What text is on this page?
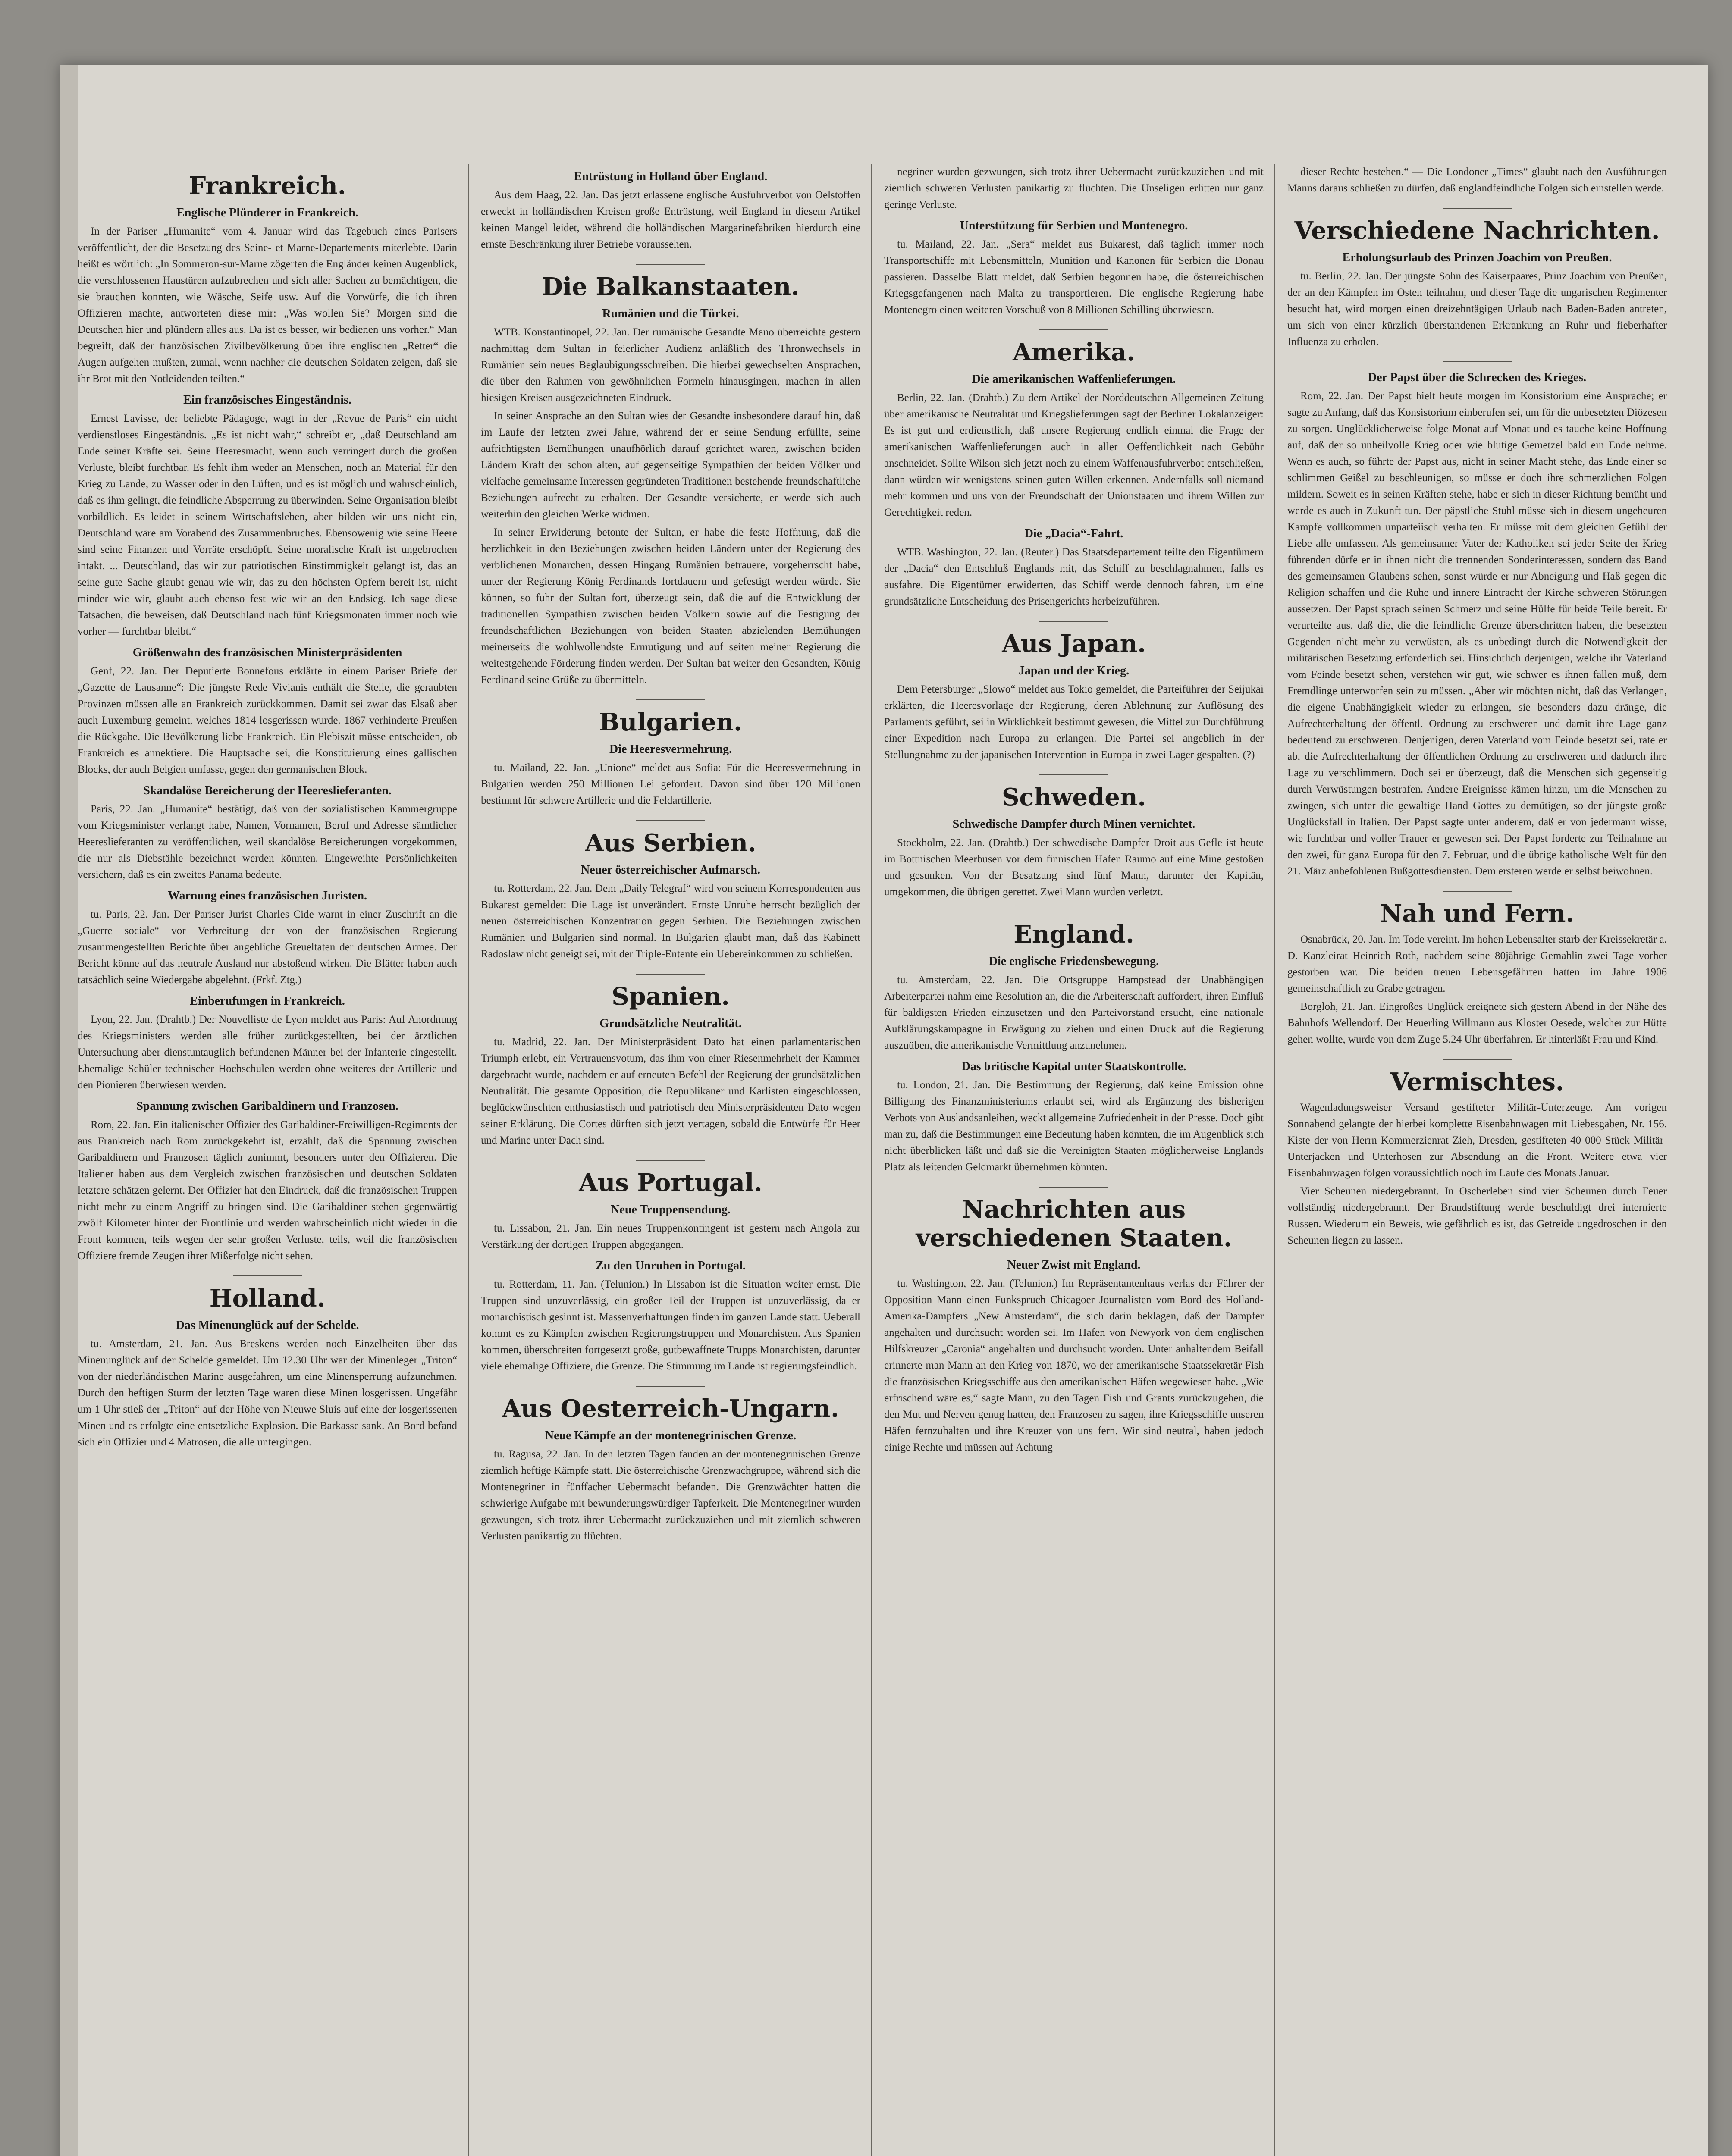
Frankreich.
Englische Plünderer in Frankreich.

In der Pariser „Humanite“ vom 4. Januar wird das Tagebuch eines Parisers veröffentlicht, der die Besetzung des Seine- et Marne-Departements miterlebte. Darin heißt es wörtlich: „In Sommeron-sur-Marne zögerten die Engländer keinen Augenblick, die verschlossenen Haustüren aufzubrechen und sich aller Sachen zu bemächtigen, die sie brauchen konnten, wie Wäsche, Seife usw. Auf die Vorwürfe, die ich ihren Offizieren machte, antworteten diese mir: „Was wollen Sie? Morgen sind die Deutschen hier und plündern alles aus. Da ist es besser, wir bedienen uns vorher.“ Man begreift, daß der französischen Zivilbevölkerung über ihre englischen „Retter“ die Augen aufgehen mußten, zumal, wenn nachher die deutschen Soldaten zeigen, daß sie ihr Brot mit den Notleidenden teilten.“

Ein französisches Eingeständnis.

Ernest Lavisse, der beliebte Pädagoge, wagt in der „Revue de Paris“ ein nicht verdienstloses Eingeständnis. „Es ist nicht wahr,“ schreibt er, „daß Deutschland am Ende seiner Kräfte sei. Seine Heeresmacht, wenn auch verringert durch die großen Verluste, bleibt furchtbar. Es fehlt ihm weder an Menschen, noch an Material für den Krieg zu Lande, zu Wasser oder in den Lüften, und es ist möglich und wahrscheinlich, daß es ihm gelingt, die feindliche Absperrung zu überwinden. Seine Organisation bleibt vorbildlich. Es leidet in seinem Wirtschaftsleben, aber bilden wir uns nicht ein, Deutschland wäre am Vorabend des Zusammenbruches. Ebensowenig wie seine Heere sind seine Finanzen und Vorräte erschöpft. Seine moralische Kraft ist ungebrochen intakt. ... Deutschland, das wir zur patriotischen Einstimmigkeit gelangt ist, das an seine gute Sache glaubt genau wie wir, das zu den höchsten Opfern bereit ist, nicht minder wie wir, glaubt auch ebenso fest wie wir an den Endsieg. Ich sage diese Tatsachen, die beweisen, daß Deutschland nach fünf Kriegsmonaten immer noch wie vorher — furchtbar bleibt.“

Größenwahn des französischen Ministerpräsidenten

Genf, 22. Jan. Der Deputierte Bonnefous erklärte in einem Pariser Briefe der „Gazette de Lausanne“: Die jüngste Rede Vivianis enthält die Stelle, die geraubten Provinzen müssen alle an Frankreich zurückkommen. Damit sei zwar das Elsaß aber auch Luxemburg gemeint, welches 1814 losgerissen wurde. 1867 verhinderte Preußen die Rückgabe. Die Bevölkerung liebe Frankreich. Ein Plebiszit müsse entscheiden, ob Frankreich es annektiere. Die Hauptsache sei, die Konstituierung eines gallischen Blocks, der auch Belgien umfasse, gegen den germanischen Block.

Skandalöse Bereicherung der Heereslieferanten.

Paris, 22. Jan. „Humanite“ bestätigt, daß von der sozialistischen Kammergruppe vom Kriegsminister verlangt habe, Namen, Vornamen, Beruf und Adresse sämtlicher Heereslieferanten zu veröffentlichen, weil skandalöse Bereicherungen vorgekommen, die nur als Diebstähle bezeichnet werden könnten. Eingeweihte Persönlichkeiten versichern, daß es ein zweites Panama bedeute.

Warnung eines französischen Juristen.

tu. Paris, 22. Jan. Der Pariser Jurist Charles Cide warnt in einer Zuschrift an die „Guerre sociale“ vor Verbreitung der von der französischen Regierung zusammengestellten Berichte über angebliche Greueltaten der deutschen Armee. Der Bericht könne auf das neutrale Ausland nur abstoßend wirken. Die Blätter haben auch tatsächlich seine Wiedergabe abgelehnt. (Frkf. Ztg.)

Einberufungen in Frankreich.

Lyon, 22. Jan. (Drahtb.) Der Nouvelliste de Lyon meldet aus Paris: Auf Anordnung des Kriegsministers werden alle früher zurückgestellten, bei der ärztlichen Untersuchung aber dienstuntauglich befundenen Männer bei der Infanterie eingestellt. Ehemalige Schüler technischer Hochschulen werden ohne weiteres der Artillerie und den Pionieren überwiesen werden.

Spannung zwischen Garibaldinern und Franzosen.

Rom, 22. Jan. Ein italienischer Offizier des Garibaldiner-Freiwilligen-Regiments der aus Frankreich nach Rom zurückgekehrt ist, erzählt, daß die Spannung zwischen Garibaldinern und Franzosen täglich zunimmt, besonders unter den Offizieren. Die Italiener haben aus dem Vergleich zwischen französischen und deutschen Soldaten letztere schätzen gelernt. Der Offizier hat den Eindruck, daß die französischen Truppen nicht mehr zu einem Angriff zu bringen sind. Die Garibaldiner stehen gegenwärtig zwölf Kilometer hinter der Frontlinie und werden wahrscheinlich nicht wieder in die Front kommen, teils wegen der sehr großen Verluste, teils, weil die französischen Offiziere fremde Zeugen ihrer Mißerfolge nicht sehen.

Holland.
Das Minenunglück auf der Schelde.

tu. Amsterdam, 21. Jan. Aus Breskens werden noch Einzelheiten über das Minenunglück auf der Schelde gemeldet. Um 12.30 Uhr war der Minenleger „Triton“ von der niederländischen Marine ausgefahren, um eine Minensperrung aufzunehmen. Durch den heftigen Sturm der letzten Tage waren diese Minen losgerissen. Ungefähr um 1 Uhr stieß der „Triton“ auf der Höhe von Nieuwe Sluis auf eine der losgerissenen Minen und es erfolgte eine entsetzliche Explosion. Die Barkasse sank. An Bord befand sich ein Offizier und 4 Matrosen, die alle untergingen.

Entrüstung in Holland über England.

Aus dem Haag, 22. Jan. Das jetzt erlassene englische Ausfuhrverbot von Oelstoffen erweckt in holländischen Kreisen große Entrüstung, weil England in diesem Artikel keinen Mangel leidet, während die holländischen Margarinefabriken hierdurch eine ernste Beschränkung ihrer Betriebe voraussehen.

Die Balkanstaaten.
Rumänien und die Türkei.

WTB. Konstantinopel, 22. Jan. Der rumänische Gesandte Mano überreichte gestern nachmittag dem Sultan in feierlicher Audienz anläßlich des Thronwechsels in Rumänien sein neues Beglaubigungsschreiben. Die hierbei gewechselten Ansprachen, die über den Rahmen von gewöhnlichen Formeln hinausgingen, machen in allen hiesigen Kreisen ausgezeichneten Eindruck.

In seiner Ansprache an den Sultan wies der Gesandte insbesondere darauf hin, daß im Laufe der letzten zwei Jahre, während der er seine Sendung erfüllte, seine aufrichtigsten Bemühungen unaufhörlich darauf gerichtet waren, zwischen beiden Ländern Kraft der schon alten, auf gegenseitige Sympathien der beiden Völker und vielfache gemeinsame Interessen gegründeten Traditionen bestehende freundschaftliche Beziehungen aufrecht zu erhalten. Der Gesandte versicherte, er werde sich auch weiterhin den gleichen Werke widmen.

In seiner Erwiderung betonte der Sultan, er habe die feste Hoffnung, daß die herzlichkeit in den Beziehungen zwischen beiden Ländern unter der Regierung des verblichenen Monarchen, dessen Hingang Rumänien betrauere, vorgeherrscht habe, unter der Regierung König Ferdinands fortdauern und gefestigt werden würde. Sie können, so fuhr der Sultan fort, überzeugt sein, daß die auf die Entwicklung der traditionellen Sympathien zwischen beiden Völkern sowie auf die Festigung der freundschaftlichen Beziehungen von beiden Staaten abzielenden Bemühungen meinerseits die wohlwollendste Ermutigung und auf seiten meiner Regierung die weitestgehende Förderung finden werden. Der Sultan bat weiter den Gesandten, König Ferdinand seine Grüße zu übermitteln.

Bulgarien.
Die Heeresvermehrung.

tu. Mailand, 22. Jan. „Unione“ meldet aus Sofia: Für die Heeresvermehrung in Bulgarien werden 250 Millionen Lei gefordert. Davon sind über 120 Millionen bestimmt für schwere Artillerie und die Feldartillerie.

Aus Serbien.
Neuer österreichischer Aufmarsch.

tu. Rotterdam, 22. Jan. Dem „Daily Telegraf“ wird von seinem Korrespondenten aus Bukarest gemeldet: Die Lage ist unverändert. Ernste Unruhe herrscht bezüglich der neuen österreichischen Konzentration gegen Serbien. Die Beziehungen zwischen Rumänien und Bulgarien sind normal. In Bulgarien glaubt man, daß das Kabinett Radoslaw nicht geneigt sei, mit der Triple-Entente ein Uebereinkommen zu schließen.

Spanien.
Grundsätzliche Neutralität.

tu. Madrid, 22. Jan. Der Ministerpräsident Dato hat einen parlamentarischen Triumph erlebt, ein Vertrauensvotum, das ihm von einer Riesenmehrheit der Kammer dargebracht wurde, nachdem er auf erneuten Befehl der Regierung der grundsätzlichen Neutralität. Die gesamte Opposition, die Republikaner und Karlisten eingeschlossen, beglückwünschten enthusiastisch und patriotisch den Ministerpräsidenten Dato wegen seiner Erklärung. Die Cortes dürften sich jetzt vertagen, sobald die Entwürfe für Heer und Marine unter Dach sind.

Aus Portugal.
Neue Truppensendung.

tu. Lissabon, 21. Jan. Ein neues Truppenkontingent ist gestern nach Angola zur Verstärkung der dortigen Truppen abgegangen.

Zu den Unruhen in Portugal.

tu. Rotterdam, 11. Jan. (Telunion.) In Lissabon ist die Situation weiter ernst. Die Truppen sind unzuverlässig, ein großer Teil der Truppen ist unzuverlässig, da er monarchistisch gesinnt ist. Massenverhaftungen finden im ganzen Lande statt. Ueberall kommt es zu Kämpfen zwischen Regierungstruppen und Monarchisten. Aus Spanien kommen, überschreiten fortgesetzt große, gutbewaffnete Trupps Monarchisten, darunter viele ehemalige Offiziere, die Grenze. Die Stimmung im Lande ist regierungsfeindlich.

Aus Oesterreich-Ungarn.
Neue Kämpfe an der montenegrinischen Grenze.

tu. Ragusa, 22. Jan. In den letzten Tagen fanden an der montenegrinischen Grenze ziemlich heftige Kämpfe statt. Die österreichische Grenzwachgruppe, während sich die Montenegriner in fünffacher Uebermacht befanden. Die Grenzwächter hatten die schwierige Aufgabe mit bewunderungswürdiger Tapferkeit. Die Montenegriner wurden gezwungen, sich trotz ihrer Uebermacht zurückzuziehen und mit ziemlich schweren Verlusten panikartig zu flüchten.

negriner wurden gezwungen, sich trotz ihrer Uebermacht zurückzuziehen und mit ziemlich schweren Verlusten panikartig zu flüchten. Die Unseligen erlitten nur ganz geringe Verluste.

Unterstützung für Serbien und Montenegro.

tu. Mailand, 22. Jan. „Sera“ meldet aus Bukarest, daß täglich immer noch Transportschiffe mit Lebensmitteln, Munition und Kanonen für Serbien die Donau passieren. Dasselbe Blatt meldet, daß Serbien begonnen habe, die österreichischen Kriegsgefangenen nach Malta zu transportieren. Die englische Regierung habe Montenegro einen weiteren Vorschuß von 8 Millionen Schilling überwiesen.

Amerika.
Die amerikanischen Waffenlieferungen.

Berlin, 22. Jan. (Drahtb.) Zu dem Artikel der Norddeutschen Allgemeinen Zeitung über amerikanische Neutralität und Kriegslieferungen sagt der Berliner Lokalanzeiger: Es ist gut und erdienstlich, daß unsere Regierung endlich einmal die Frage der amerikanischen Waffenlieferungen auch in aller Oeffentlichkeit nach Gebühr anschneidet. Sollte Wilson sich jetzt noch zu einem Waffenausfuhrverbot entschließen, dann würden wir wenigstens seinen guten Willen erkennen. Andernfalls soll niemand mehr kommen und uns von der Freundschaft der Unionstaaten und ihrem Willen zur Gerechtigkeit reden.

Die „Dacia“-Fahrt.

WTB. Washington, 22. Jan. (Reuter.) Das Staatsdepartement teilte den Eigentümern der „Dacia“ den Entschluß Englands mit, das Schiff zu beschlagnahmen, falls es ausfahre. Die Eigentümer erwiderten, das Schiff werde dennoch fahren, um eine grundsätzliche Entscheidung des Prisengerichts herbeizuführen.

Aus Japan.
Japan und der Krieg.

Dem Petersburger „Slowo“ meldet aus Tokio gemeldet, die Parteiführer der Seijukai erklärten, die Heeresvorlage der Regierung, deren Ablehnung zur Auflösung des Parlaments geführt, sei in Wirklichkeit bestimmt gewesen, die Mittel zur Durchführung einer Expedition nach Europa zu erlangen. Die Partei sei angeblich in der Stellungnahme zu der japanischen Intervention in Europa in zwei Lager gespalten. (?)

Schweden.
Schwedische Dampfer durch Minen vernichtet.

Stockholm, 22. Jan. (Drahtb.) Der schwedische Dampfer Droit aus Gefle ist heute im Bottnischen Meerbusen vor dem finnischen Hafen Raumo auf eine Mine gestoßen und gesunken. Von der Besatzung sind fünf Mann, darunter der Kapitän, umgekommen, die übrigen gerettet. Zwei Mann wurden verletzt.

England.
Die englische Friedensbewegung.

tu. Amsterdam, 22. Jan. Die Ortsgruppe Hampstead der Unabhängigen Arbeiterpartei nahm eine Resolution an, die die Arbeiterschaft auffordert, ihren Einfluß für baldigsten Frieden einzusetzen und den Parteivorstand ersucht, eine nationale Aufklärungskampagne in Erwägung zu ziehen und einen Druck auf die Regierung auszuüben, die amerikanische Vermittlung anzunehmen.

Das britische Kapital unter Staatskontrolle.

tu. London, 21. Jan. Die Bestimmung der Regierung, daß keine Emission ohne Billigung des Finanzministeriums erlaubt sei, wird als Ergänzung des bisherigen Verbots von Auslandsanleihen, weckt allgemeine Zufriedenheit in der Presse. Doch gibt man zu, daß die Bestimmungen eine Bedeutung haben könnten, die im Augenblick sich nicht überblicken läßt und daß sie die Vereinigten Staaten möglicherweise Englands Platz als leitenden Geldmarkt übernehmen könnten.

Nachrichten aus verschiedenen Staaten.
Neuer Zwist mit England.

tu. Washington, 22. Jan. (Telunion.) Im Repräsentantenhaus verlas der Führer der Opposition Mann einen Funkspruch Chicagoer Journalisten vom Bord des Holland-Amerika-Dampfers „New Amsterdam“, die sich darin beklagen, daß der Dampfer angehalten und durchsucht worden sei. Im Hafen von Newyork von dem englischen Hilfskreuzer „Caronia“ angehalten und durchsucht worden. Unter anhaltendem Beifall erinnerte man Mann an den Krieg von 1870, wo der amerikanische Staatssekretär Fish die französischen Kriegsschiffe aus den amerikanischen Häfen wegewiesen habe. „Wie erfrischend wäre es,“ sagte Mann, zu den Tagen Fish und Grants zurückzugehen, die den Mut und Nerven genug hatten, den Franzosen zu sagen, ihre Kriegsschiffe unseren Häfen fernzuhalten und ihre Kreuzer von uns fern. Wir sind neutral, haben jedoch einige Rechte und müssen auf Achtung

dieser Rechte bestehen.“ — Die Londoner „Times“ glaubt nach den Ausführungen Manns daraus schließen zu dürfen, daß englandfeindliche Folgen sich einstellen werde.

Verschiedene Nachrichten.
Erholungsurlaub des Prinzen Joachim von Preußen.

tu. Berlin, 22. Jan. Der jüngste Sohn des Kaiserpaares, Prinz Joachim von Preußen, der an den Kämpfen im Osten teilnahm, und dieser Tage die ungarischen Regimenter besucht hat, wird morgen einen dreizehntägigen Urlaub nach Baden-Baden antreten, um sich von einer kürzlich überstandenen Erkrankung an Ruhr und fieberhafter Influenza zu erholen.

Der Papst über die Schrecken des Krieges.

Rom, 22. Jan. Der Papst hielt heute morgen im Konsistorium eine Ansprache; er sagte zu Anfang, daß das Konsistorium einberufen sei, um für die unbesetzten Diözesen zu sorgen. Unglücklicherweise folge Monat auf Monat und es tauche keine Hoffnung auf, daß der so unheilvolle Krieg oder wie blutige Gemetzel bald ein Ende nehme. Wenn es auch, so führte der Papst aus, nicht in seiner Macht stehe, das Ende einer so schlimmen Geißel zu beschleunigen, so müsse er doch ihre schmerzlichen Folgen mildern. Soweit es in seinen Kräften stehe, habe er sich in dieser Richtung bemüht und werde es auch in Zukunft tun. Der päpstliche Stuhl müsse sich in diesem ungeheuren Kampfe vollkommen unparteiisch verhalten. Er müsse mit dem gleichen Gefühl der Liebe alle umfassen. Als gemeinsamer Vater der Katholiken sei jeder Seite der Krieg führenden dürfe er in ihnen nicht die trennenden Sonderinteressen, sondern das Band des gemeinsamen Glaubens sehen, sonst würde er nur Abneigung und Haß gegen die Religion schaffen und die Ruhe und innere Eintracht der Kirche schweren Störungen aussetzen. Der Papst sprach seinen Schmerz und seine Hülfe für beide Teile bereit. Er verurteilte aus, daß die, die die feindliche Grenze überschritten haben, die besetzten Gegenden nicht mehr zu verwüsten, als es unbedingt durch die Notwendigkeit der militärischen Besetzung erforderlich sei. Hinsichtlich derjenigen, welche ihr Vaterland vom Feinde besetzt sehen, verstehen wir gut, wie schwer es ihnen fallen muß, dem Fremdlinge unterworfen sein zu müssen. „Aber wir möchten nicht, daß das Verlangen, die eigene Unabhängigkeit wieder zu erlangen, sie besonders dazu dränge, die Aufrechterhaltung der öffentl. Ordnung zu erschweren und damit ihre Lage ganz bedeutend zu erschweren. Denjenigen, deren Vaterland vom Feinde besetzt sei, rate er ab, die Aufrechterhaltung der öffentlichen Ordnung zu erschweren und dadurch ihre Lage zu verschlimmern. Doch sei er überzeugt, daß die Menschen sich gegenseitig durch Verwüstungen bestrafen. Andere Ereignisse kämen hinzu, um die Menschen zu zwingen, sich unter die gewaltige Hand Gottes zu demütigen, so der jüngste große Unglücksfall in Italien. Der Papst sagte unter anderem, daß er von jedermann wisse, wie furchtbar und voller Trauer er gewesen sei. Der Papst forderte zur Teilnahme an den zwei, für ganz Europa für den 7. Februar, und die übrige katholische Welt für den 21. März anbefohlenen Bußgottesdiensten. Dem ersteren werde er selbst beiwohnen.

Nah und Fern.

Osnabrück, 20. Jan. Im Tode vereint. Im hohen Lebensalter starb der Kreissekretär a. D. Kanzleirat Heinrich Roth, nachdem seine 80jährige Gemahlin zwei Tage vorher gestorben war. Die beiden treuen Lebensgefährten hatten im Jahre 1906 gemeinschaftlich zu Grabe getragen.

Borgloh, 21. Jan. Eingroßes Unglück ereignete sich gestern Abend in der Nähe des Bahnhofs Wellendorf. Der Heuerling Willmann aus Kloster Oesede, welcher zur Hütte gehen wollte, wurde von dem Zuge 5.24 Uhr überfahren. Er hinterläßt Frau und Kind.

Vermischtes.

Wagenladungsweiser Versand gestifteter Militär-Unterzeuge. Am vorigen Sonnabend gelangte der hierbei komplette Eisenbahnwagen mit Liebesgaben, Nr. 156. Kiste der von Herrn Kommerzienrat Zieh, Dresden, gestifteten 40 000 Stück Militär-Unterjacken und Unterhosen zur Absendung an die Front. Weitere etwa vier Eisenbahnwagen folgen voraussichtlich noch im Laufe des Monats Januar.

Vier Scheunen niedergebrannt. In Oscherleben sind vier Scheunen durch Feuer vollständig niedergebrannt. Der Brandstiftung werde beschuldigt drei internierte Russen. Wiederum ein Beweis, wie gefährlich es ist, das Getreide ungedroschen in den Scheunen liegen zu lassen.
